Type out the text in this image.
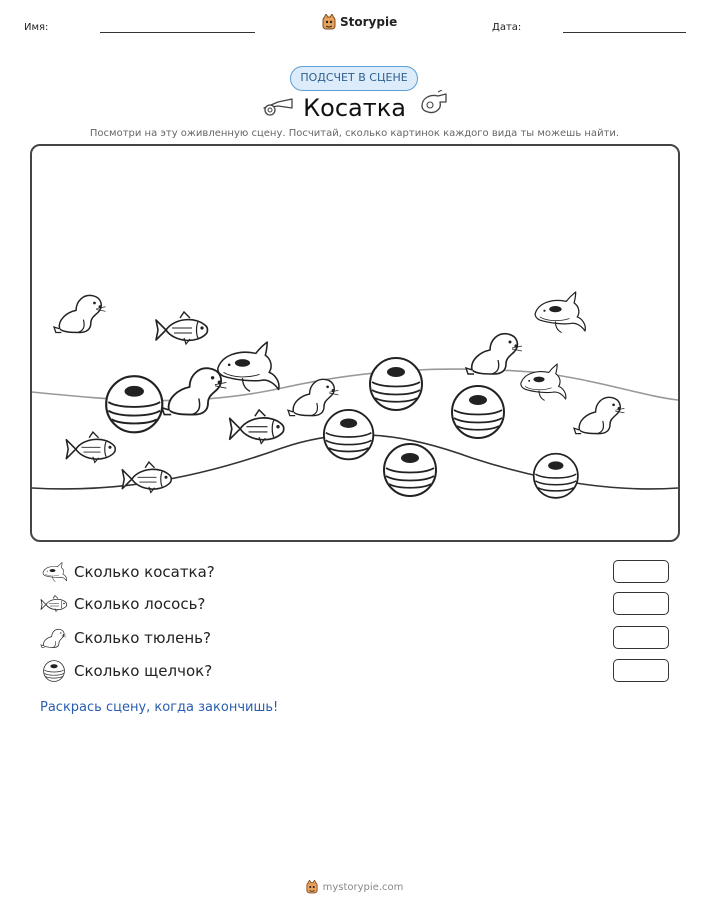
Имя:	Storypie	Дата:
ПОДСЧЕТ В СЦЕНЕ
Косатка
Посмотри на эту оживленную сцену. Посчитай, сколько картинок каждого вида ты можешь найти.
Сколько косатка?
Сколько лосось?
Сколько тюлень?
Сколько щелчок?
Раскрась сцену, когда закончишь!
mystorypie.com
